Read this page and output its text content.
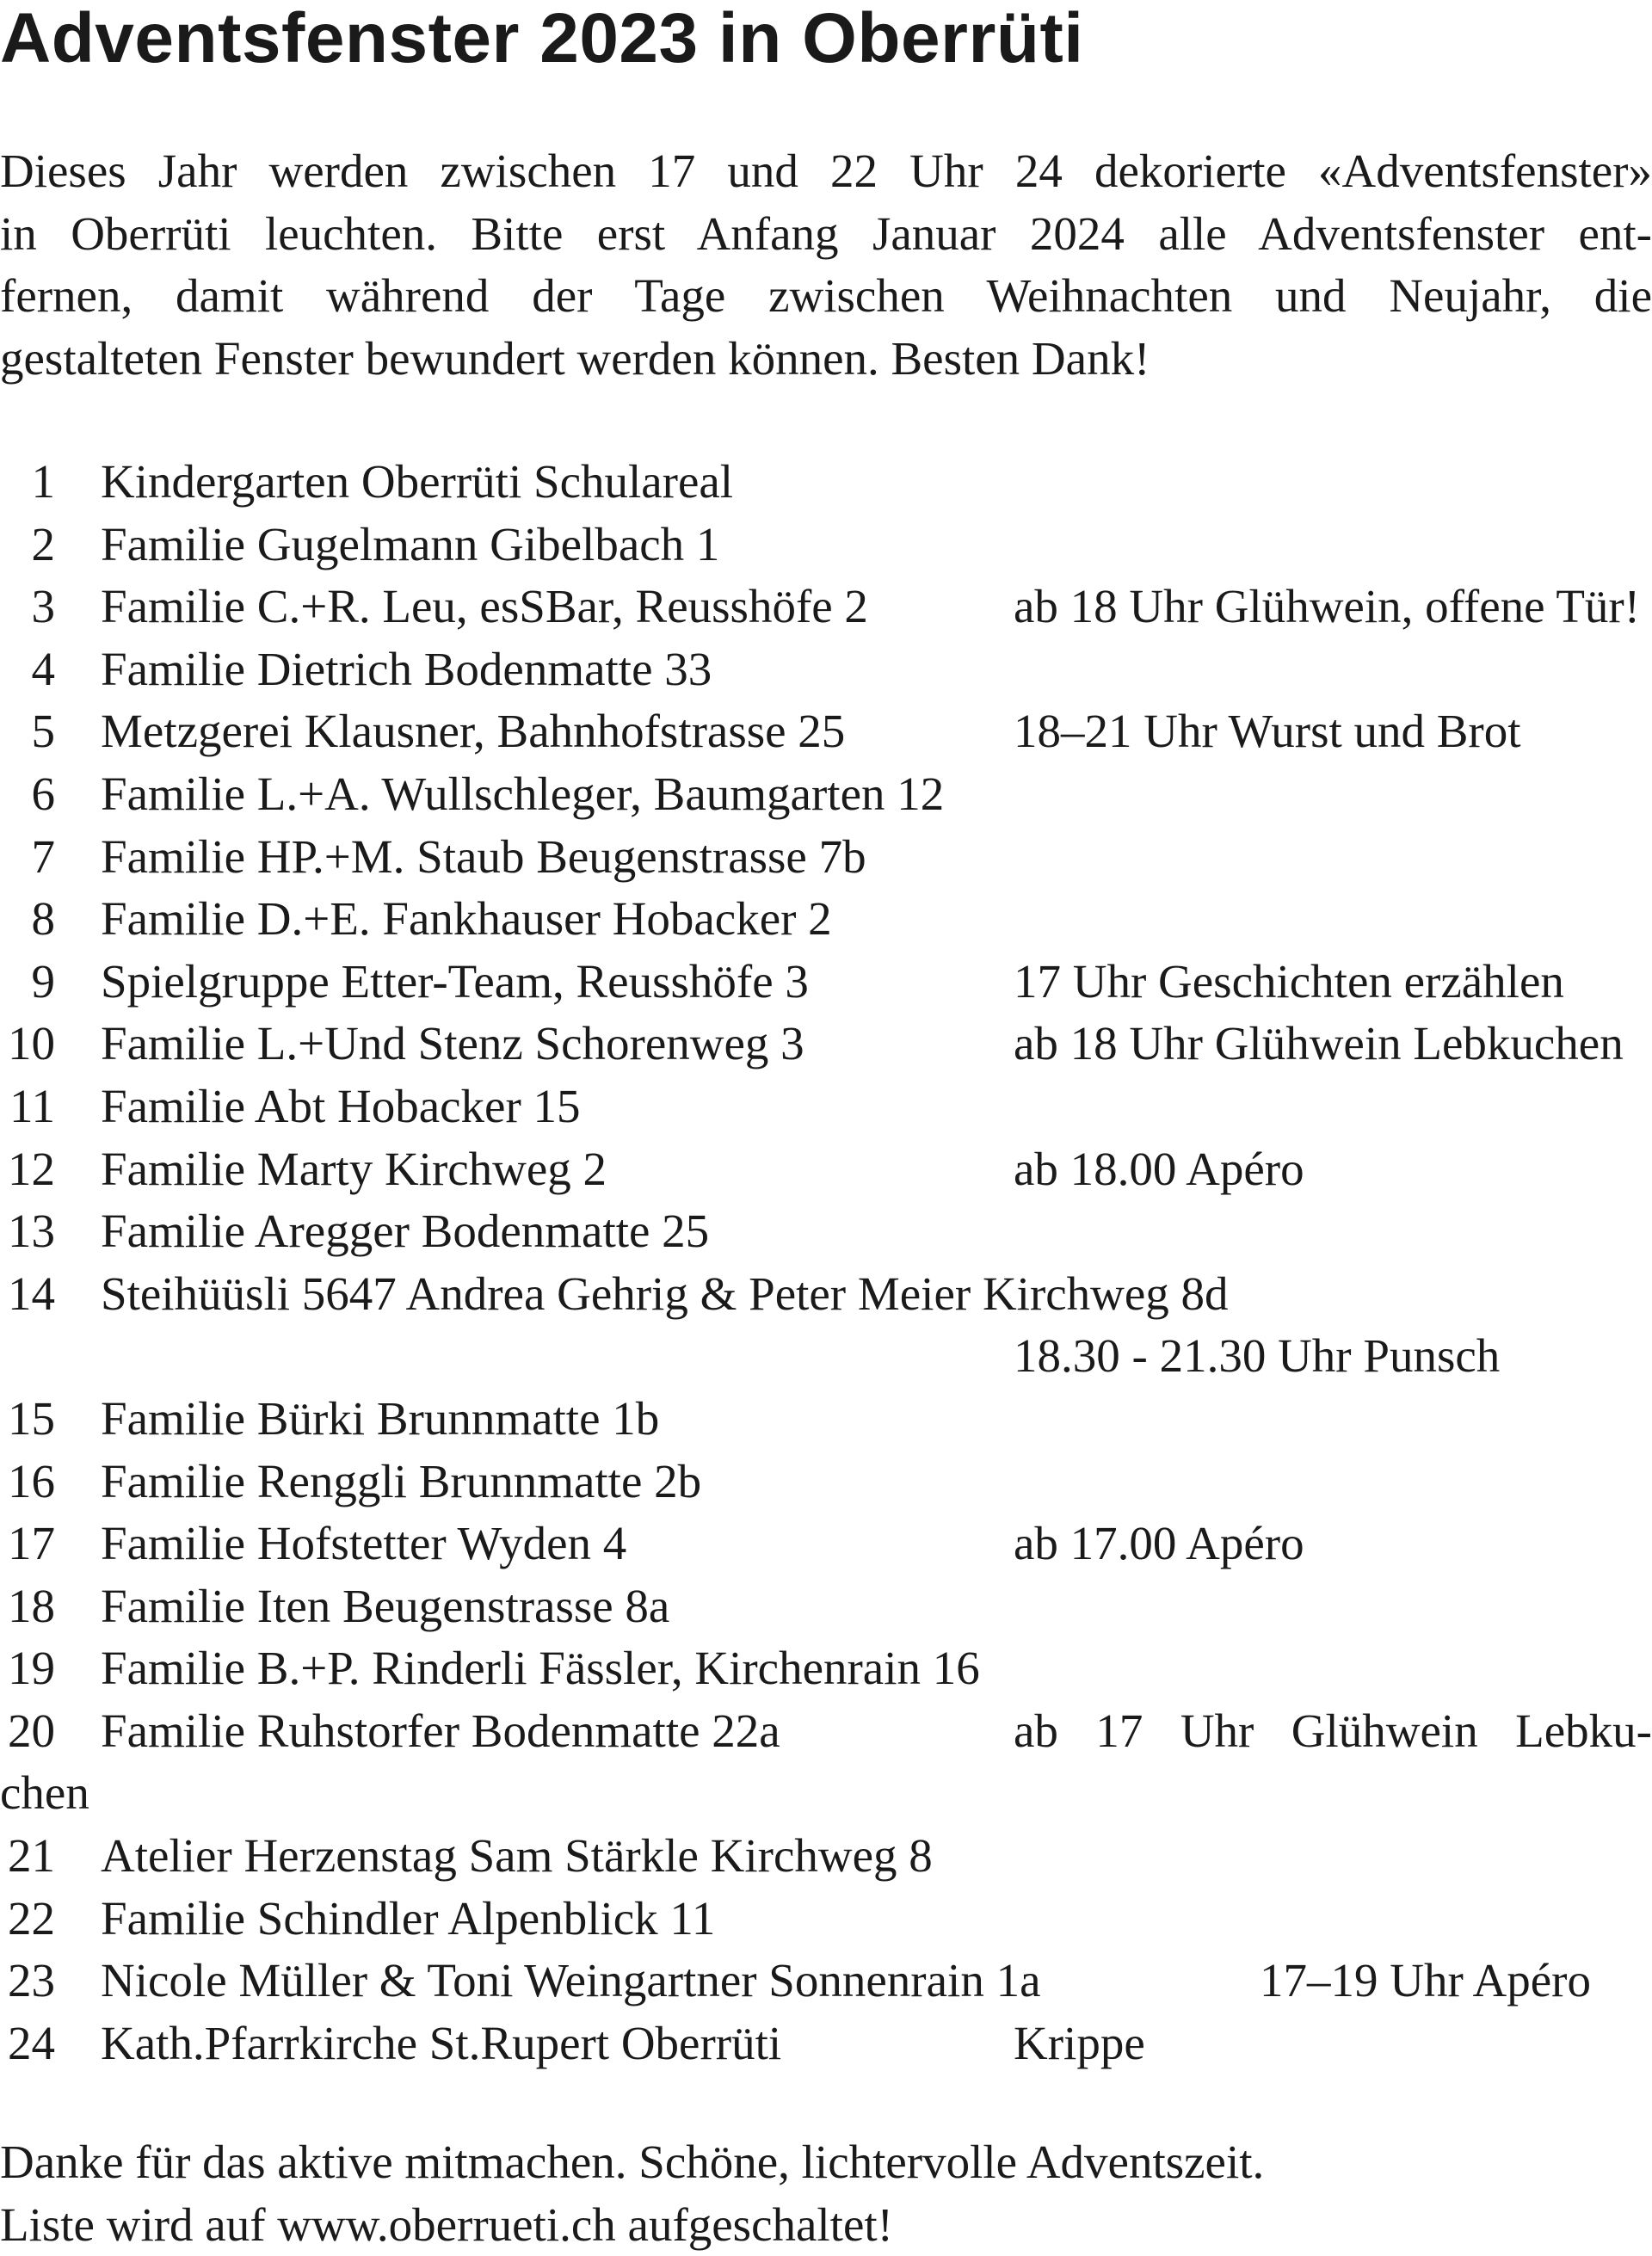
Adventsfenster 2023 in Oberrüti
Dieses Jahr werden zwischen 17 und 22 Uhr 24 dekorierte «Adventsfenster»
in Oberrüti leuchten. Bitte erst Anfang Januar 2024 alle Adventsfenster ent-
fernen, damit während der Tage zwischen Weihnachten und Neujahr, die
gestalteten Fenster bewundert werden können. Besten Dank!
1 Kindergarten Oberrüti Schulareal
2 Familie Gugelmann Gibelbach 1
3 Familie C.+R. Leu, esSBar, Reusshöfe 2	ab 18 Uhr Glühwein, offene Tür!
4 Familie Dietrich Bodenmatte 33
5 Metzgerei Klausner, Bahnhofstrasse 25	18–21 Uhr Wurst und Brot
6 Familie L.+A. Wullschleger, Baumgarten 12
7 Familie HP.+M. Staub Beugenstrasse 7b
8 Familie D.+E. Fankhauser Hobacker 2
9 Spielgruppe Etter-Team, Reusshöfe 3	17 Uhr Geschichten erzählen
10 Familie L.+Und Stenz Schorenweg 3	ab 18 Uhr Glühwein Lebkuchen
11 Familie Abt Hobacker 15
12 Familie Marty Kirchweg 2	ab 18.00 Apéro
13 Familie Aregger Bodenmatte 25
14 Steihüüsli 5647 Andrea Gehrig & Peter Meier Kirchweg 8d
18.30 - 21.30 Uhr Punsch
15 Familie Bürki Brunnmatte 1b
16 Familie Renggli Brunnmatte 2b
17 Familie Hofstetter Wyden 4	ab 17.00 Apéro
18 Familie Iten Beugenstrasse 8a
19 Familie B.+P. Rinderli Fässler, Kirchenrain 16
20 Familie Ruhstorfer Bodenmatte 22a	ab 17 Uhr Glühwein Lebku-
chen
21 Atelier Herzenstag Sam Stärkle Kirchweg 8
22 Familie Schindler Alpenblick 11
23 Nicole Müller & Toni Weingartner Sonnenrain 1a	17–19 Uhr Apéro
24 Kath.Pfarrkirche St.Rupert Oberrüti	Krippe
Danke für das aktive mitmachen. Schöne, lichtervolle Adventszeit.
Liste wird auf www.oberrueti.ch aufgeschaltet!
